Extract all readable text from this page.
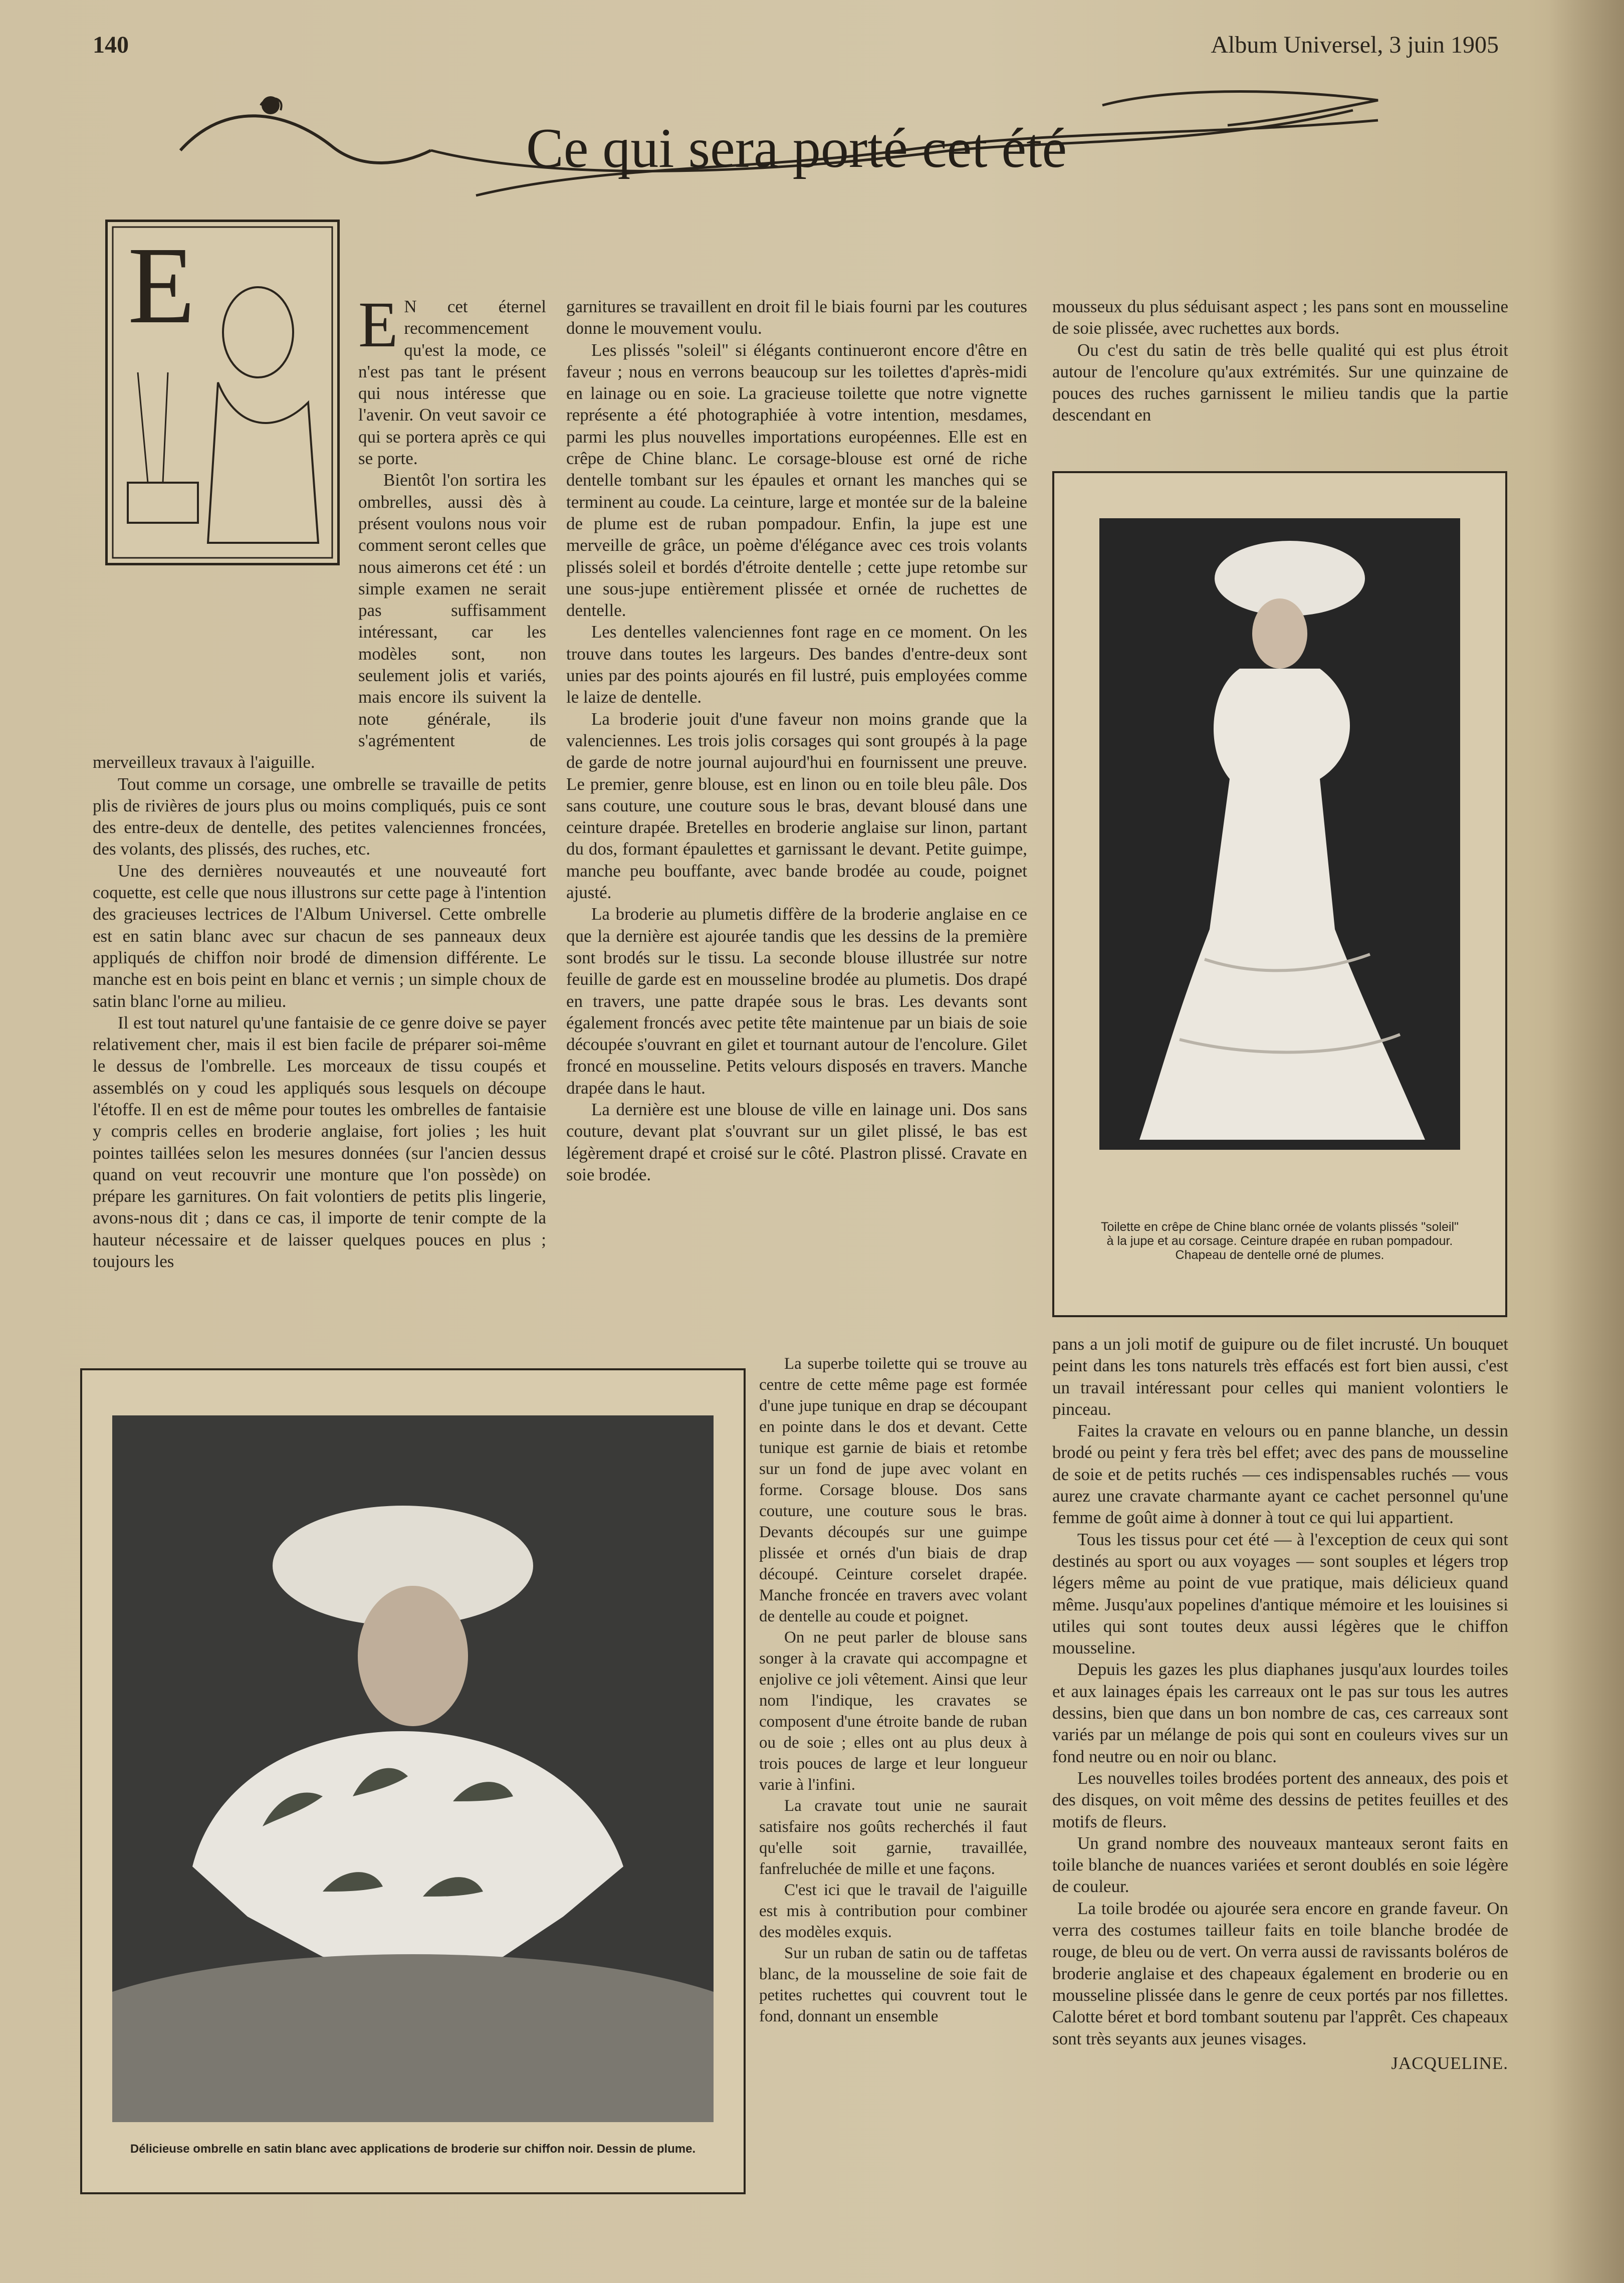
140	Album Universel, 3 juin 1905
Ce qui sera porté cet été
E	E N cet éternel recommencement qu'est la mode, ce n'est pas tant le présent qui nous intéresse que l'avenir. On veut savoir ce qui se portera après ce qui se porte.

Bientôt l'on sortira les ombrelles, aussi dès à présent voulons nous voir comment seront celles que nous aimerons cet été : un simple examen ne serait pas suffisamment intéressant, car les modèles sont, non seulement jolis et variés, mais encore ils suivent la note générale, ils s'agrémentent de merveilleux travaux à l'aiguille.

Tout comme un corsage, une ombrelle se travaille de petits plis de rivières de jours plus ou moins compliqués, puis ce sont des entre-deux de dentelle, des petites valenciennes froncées, des volants, des plissés, des ruches, etc.

Une des dernières nouveautés et une nouveauté fort coquette, est celle que nous illustrons sur cette page à l'intention des gracieuses lectrices de l'Album Universel. Cette ombrelle est en satin blanc avec sur chacun de ses panneaux deux appliqués de chiffon noir brodé de dimension différente. Le manche est en bois peint en blanc et vernis ; un simple choux de satin blanc l'orne au milieu.

Il est tout naturel qu'une fantaisie de ce genre doive se payer relativement cher, mais il est bien facile de préparer soi-même le dessus de l'ombrelle. Les morceaux de tissu coupés et assemblés on y coud les appliqués sous lesquels on découpe l'étoffe. Il en est de même pour toutes les ombrelles de fantaisie y compris celles en broderie anglaise, fort jolies ; les huit pointes taillées selon les mesures données (sur l'ancien dessus quand on veut recouvrir une monture que l'on possède) on prépare les garnitures. On fait volontiers de petits plis lingerie, avons-nous dit ; dans ce cas, il importe de tenir compte de la hauteur nécessaire et de laisser quelques pouces en plus ; toujours les

garnitures se travaillent en droit fil le biais fourni par les coutures donne le mouvement voulu.

Les plissés "soleil" si élégants continueront encore d'être en faveur ; nous en verrons beaucoup sur les toilettes d'après-midi en lainage ou en soie. La gracieuse toilette que notre vignette représente a été photographiée à votre intention, mesdames, parmi les plus nouvelles importations européennes. Elle est en crêpe de Chine blanc. Le corsage-blouse est orné de riche dentelle tombant sur les épaules et ornant les manches qui se terminent au coude. La ceinture, large et montée sur de la baleine de plume est de ruban pompadour. Enfin, la jupe est une merveille de grâce, un poème d'élégance avec ces trois volants plissés soleil et bordés d'étroite dentelle ; cette jupe retombe sur une sous-jupe entièrement plissée et ornée de ruchettes de dentelle.

Les dentelles valenciennes font rage en ce moment. On les trouve dans toutes les largeurs. Des bandes d'entre-deux sont unies par des points ajourés en fil lustré, puis employées comme le laize de dentelle.

La broderie jouit d'une faveur non moins grande que la valenciennes. Les trois jolis corsages qui sont groupés à la page de garde de notre journal aujourd'hui en fournissent une preuve. Le premier, genre blouse, est en linon ou en toile bleu pâle. Dos sans couture, une couture sous le bras, devant blousé dans une ceinture drapée. Bretelles en broderie anglaise sur linon, partant du dos, formant épaulettes et garnissant le devant. Petite guimpe, manche peu bouffante, avec bande brodée au coude, poignet ajusté.

La broderie au plumetis diffère de la broderie anglaise en ce que la dernière est ajourée tandis que les dessins de la première sont brodés sur le tissu. La seconde blouse illustrée sur notre feuille de garde est en mousseline brodée au plumetis. Dos drapé en travers, une patte drapée sous le bras. Les devants sont également froncés avec petite tête maintenue par un biais de soie découpée s'ouvrant en gilet et tournant autour de l'encolure. Gilet froncé en mousseline. Petits velours disposés en travers. Manche drapée dans le haut.

La dernière est une blouse de ville en lainage uni. Dos sans couture, devant plat s'ouvrant sur un gilet plissé, le bas est légèrement drapé et croisé sur le côté. Plastron plissé. Cravate en soie brodée.

La superbe toilette qui se trouve au centre de cette même page est formée d'une jupe tunique en drap se découpant en pointe dans le dos et devant. Cette tunique est garnie de biais et retombe sur un fond de jupe avec volant en forme. Corsage blouse. Dos sans couture, une couture sous le bras. Devants découpés sur une guimpe plissée et ornés d'un biais de drap découpé. Ceinture corselet drapée. Manche froncée en travers avec volant de dentelle au coude et poignet.

On ne peut parler de blouse sans songer à la cravate qui accompagne et enjolive ce joli vêtement. Ainsi que leur nom l'indique, les cravates se composent d'une étroite bande de ruban ou de soie ; elles ont au plus deux à trois pouces de large et leur longueur varie à l'infini.

La cravate tout unie ne saurait satisfaire nos goûts recherchés il faut qu'elle soit garnie, travaillée, fanfreluchée de mille et une façons.

C'est ici que le travail de l'aiguille est mis à contribution pour combiner des modèles exquis.

Sur un ruban de satin ou de taffetas blanc, de la mousseline de soie fait de petites ruchettes qui couvrent tout le fond, donnant un ensemble

mousseux du plus séduisant aspect ; les pans sont en mousseline de soie plissée, avec ruchettes aux bords.

Ou c'est du satin de très belle qualité qui est plus étroit autour de l'encolure qu'aux extrémités. Sur une quinzaine de pouces des ruches garnissent le milieu tandis que la partie descendant en

Toilette en crêpe de Chine blanc ornée de volants plissés "soleil" à la jupe et au corsage. Ceinture drapée en ruban pompadour. Chapeau de dentelle orné de plumes.

pans a un joli motif de guipure ou de filet incrusté. Un bouquet peint dans les tons naturels très effacés est fort bien aussi, c'est un travail intéressant pour celles qui manient volontiers le pinceau.

Faites la cravate en velours ou en panne blanche, un dessin brodé ou peint y fera très bel effet; avec des pans de mousseline de soie et de petits ruchés — ces indispensables ruchés — vous aurez une cravate charmante ayant ce cachet personnel qu'une femme de goût aime à donner à tout ce qui lui appartient.

Tous les tissus pour cet été — à l'exception de ceux qui sont destinés au sport ou aux voyages — sont souples et légers trop légers même au point de vue pratique, mais délicieux quand même. Jusqu'aux popelines d'antique mémoire et les louisines si utiles qui sont toutes deux aussi légères que le chiffon mousseline.

Depuis les gazes les plus diaphanes jusqu'aux lourdes toiles et aux lainages épais les carreaux ont le pas sur tous les autres dessins, bien que dans un bon nombre de cas, ces carreaux sont variés par un mélange de pois qui sont en couleurs vives sur un fond neutre ou en noir ou blanc.

Les nouvelles toiles brodées portent des anneaux, des pois et des disques, on voit même des dessins de petites feuilles et des motifs de fleurs.

Un grand nombre des nouveaux manteaux seront faits en toile blanche de nuances variées et seront doublés en soie légère de couleur.

La toile brodée ou ajourée sera encore en grande faveur. On verra des costumes tailleur faits en toile blanche brodée de rouge, de bleu ou de vert. On verra aussi de ravissants boléros de broderie anglaise et des chapeaux également en broderie ou en mousseline plissée dans le genre de ceux portés par nos fillettes. Calotte béret et bord tombant soutenu par l'apprêt. Ces chapeaux sont très seyants aux jeunes visages.

JACQUELINE.
Délicieuse ombrelle en satin blanc avec applications de broderie sur chiffon noir. Dessin de plume.
